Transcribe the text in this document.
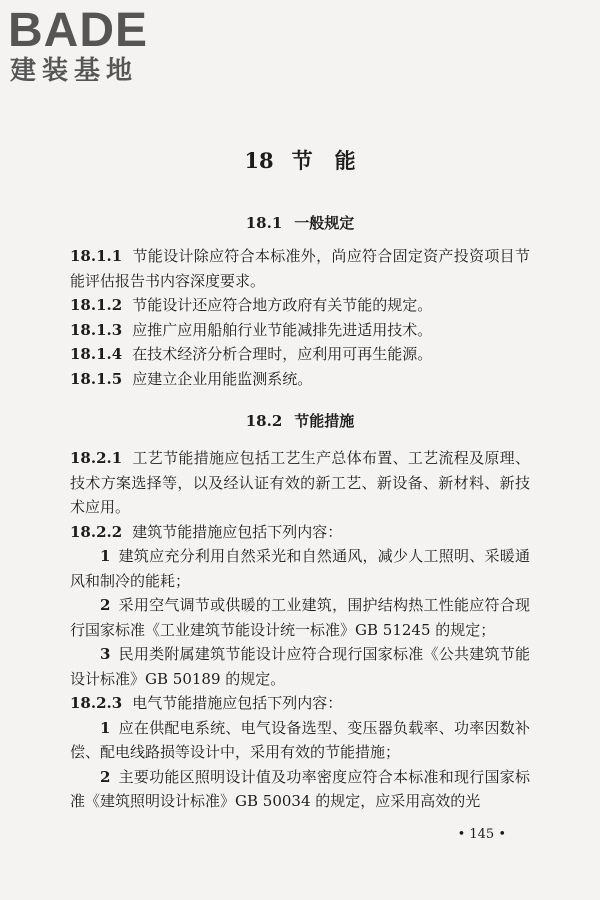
BADE
建装基地
18 节 能
18.1 一般规定

18.1.1 节能设计除应符合本标准外，尚应符合固定资产投资项目节能评估报告书内容深度要求。

18.1.2 节能设计还应符合地方政府有关节能的规定。

18.1.3 应推广应用船舶行业节能减排先进适用技术。

18.1.4 在技术经济分析合理时，应利用可再生能源。

18.1.5 应建立企业用能监测系统。

18.2 节能措施

18.2.1 工艺节能措施应包括工艺生产总体布置、工艺流程及原理、技术方案选择等，以及经认证有效的新工艺、新设备、新材料、新技术应用。

18.2.2 建筑节能措施应包括下列内容：

1 建筑应充分利用自然采光和自然通风，减少人工照明、采暖通风和制冷的能耗；

2 采用空气调节或供暖的工业建筑，围护结构热工性能应符合现行国家标准《工业建筑节能设计统一标准》GB 51245 的规定；

3 民用类附属建筑节能设计应符合现行国家标准《公共建筑节能设计标准》GB 50189 的规定。

18.2.3 电气节能措施应包括下列内容：

1 应在供配电系统、电气设备选型、变压器负载率、功率因数补偿、配电线路损等设计中，采用有效的节能措施；

2 主要功能区照明设计值及功率密度应符合本标准和现行国家标准《建筑照明设计标准》GB 50034 的规定，应采用高效的光

• 145 •
